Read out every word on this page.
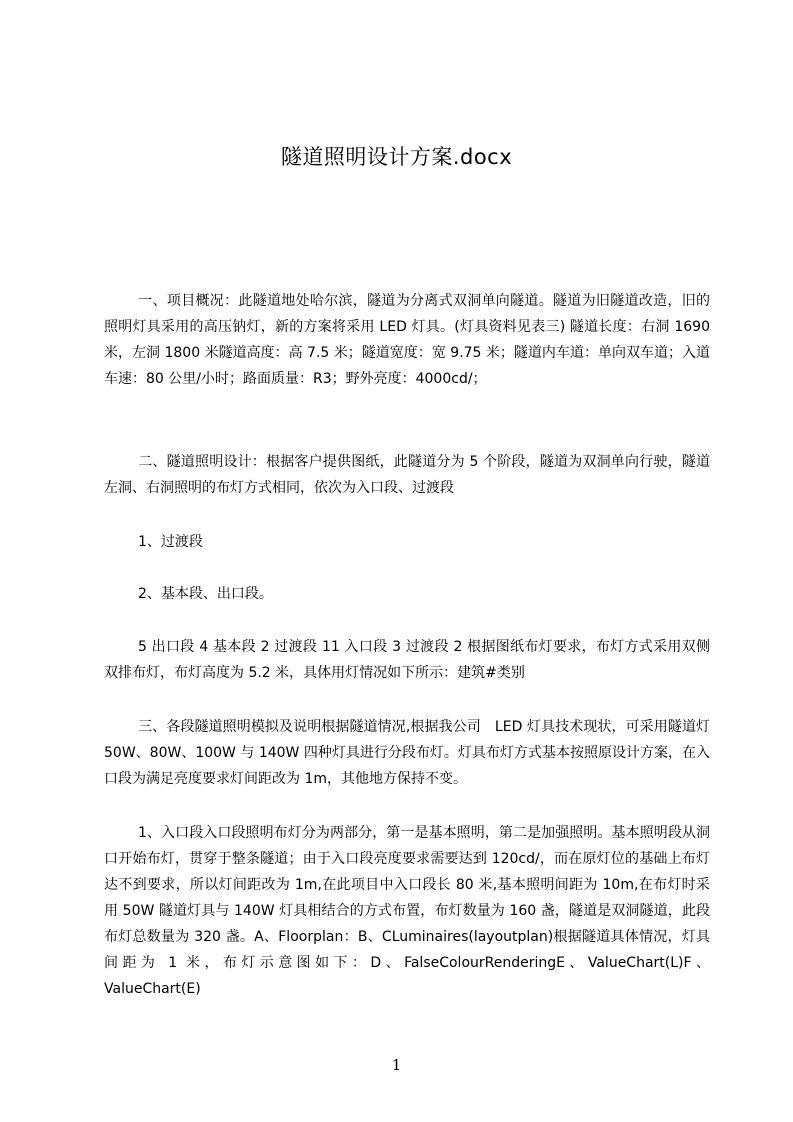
隧道照明设计方案.docx
一、项目概况：此隧道地处哈尔滨，隧道为分离式双洞单向隧道。隧道为旧隧道改造，旧的照明灯具采用的高压钠灯，新的方案将采用 LED 灯具。(灯具资料见表三) 隧道长度：右洞 1690 米，左洞 1800 米隧道高度：高 7.5 米；隧道宽度：宽 9.75 米；隧道内车道：单向双车道；入道车速：80 公里/小时；路面质量：R3；野外亮度：4000cd/；
二、隧道照明设计：根据客户提供图纸，此隧道分为 5 个阶段，隧道为双洞单向行驶，隧道左洞、右洞照明的布灯方式相同，依次为入口段、过渡段
1、过渡段
2、基本段、出口段。
5 出口段 4 基本段 2 过渡段 11 入口段 3 过渡段 2 根据图纸布灯要求，布灯方式采用双侧双排布灯，布灯高度为 5.2 米，具体用灯情况如下所示：建筑#类别
三、各段隧道照明模拟及说明根据隧道情况,根据我公司　LED 灯具技术现状，可采用隧道灯 50W、80W、100W 与 140W 四种灯具进行分段布灯。灯具布灯方式基本按照原设计方案，在入口段为满足亮度要求灯间距改为 1m，其他地方保持不变。
1、入口段入口段照明布灯分为两部分，第一是基本照明，第二是加强照明。基本照明段从洞口开始布灯，贯穿于整条隧道；由于入口段亮度要求需要达到 120cd/，而在原灯位的基础上布灯达不到要求，所以灯间距改为 1m,在此项目中入口段长 80 米,基本照明间距为 10m,在布灯时采用 50W 隧道灯具与 140W 灯具相结合的方式布置，布灯数量为 160 盏，隧道是双洞隧道，此段布灯总数量为 320 盏。A、Floorplan：B、CLuminaires(layoutplan)根据隧道具体情况，灯具间距为 1 米，布灯示意图如下：D、FalseColourRenderingE、ValueChart(L)F、ValueChart(E)
1
